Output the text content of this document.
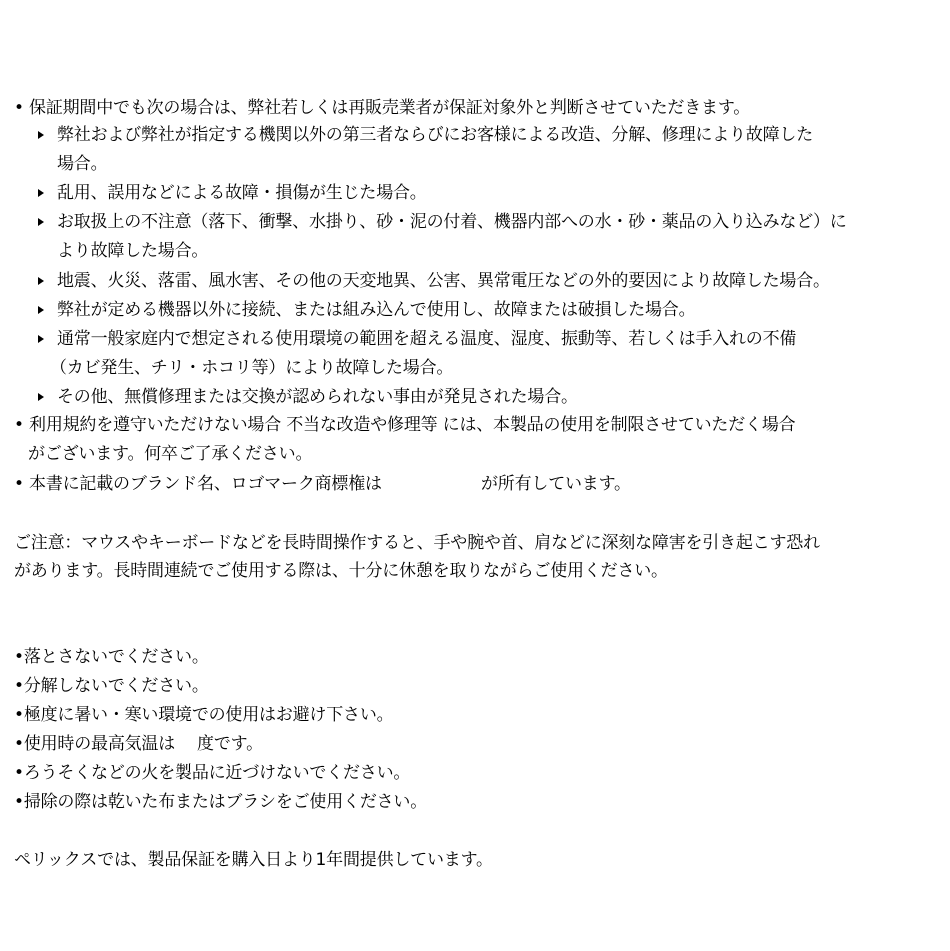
• 保証期間中でも次の場合は、弊社若しくは再販売業者が保証対象外と判断させていただきます。
弊社および弊社が指定する機関以外の第三者ならびにお客様による改造、分解、修理により故障した
場合。
乱用、誤用などによる故障・損傷が生じた場合。
お取扱上の不注意（落下、衝撃、水掛り、砂・泥の付着、機器内部への水・砂・薬品の入り込みなど）に
より故障した場合。
地震、火災、落雷、風水害、その他の天変地異、公害、異常電圧などの外的要因により故障した場合。
弊社が定める機器以外に接続、または組み込んで使用し、故障または破損した場合。
通常一般家庭内で想定される使用環境の範囲を超える温度、湿度、振動等、若しくは手入れの不備
（カビ発生、チリ・ホコリ等）により故障した場合。
その他、無償修理または交換が認められない事由が発見された場合。
• 利用規約を遵守いただけない場合 不当な改造や修理等 には、本製品の使用を制限させていただく場合
がございます。何卒ご了承ください。
• 本書に記載のブランド名、ロゴマーク商標権は	が所有しています。
ご注意：マウスやキーボードなどを長時間操作すると、手や腕や首、肩などに深刻な障害を引き起こす恐れ
があります。長時間連続でご使用する際は、十分に休憩を取りながらご使用ください。
•落とさないでください。
•分解しないでください。
•極度に暑い・寒い環境での使用はお避け下さい。
•使用時の最高気温は　 度です。
•ろうそくなどの火を製品に近づけないでください。
•掃除の際は乾いた布またはブラシをご使用ください。
ペリックスでは、製品保証を購入日より1年間提供しています。
